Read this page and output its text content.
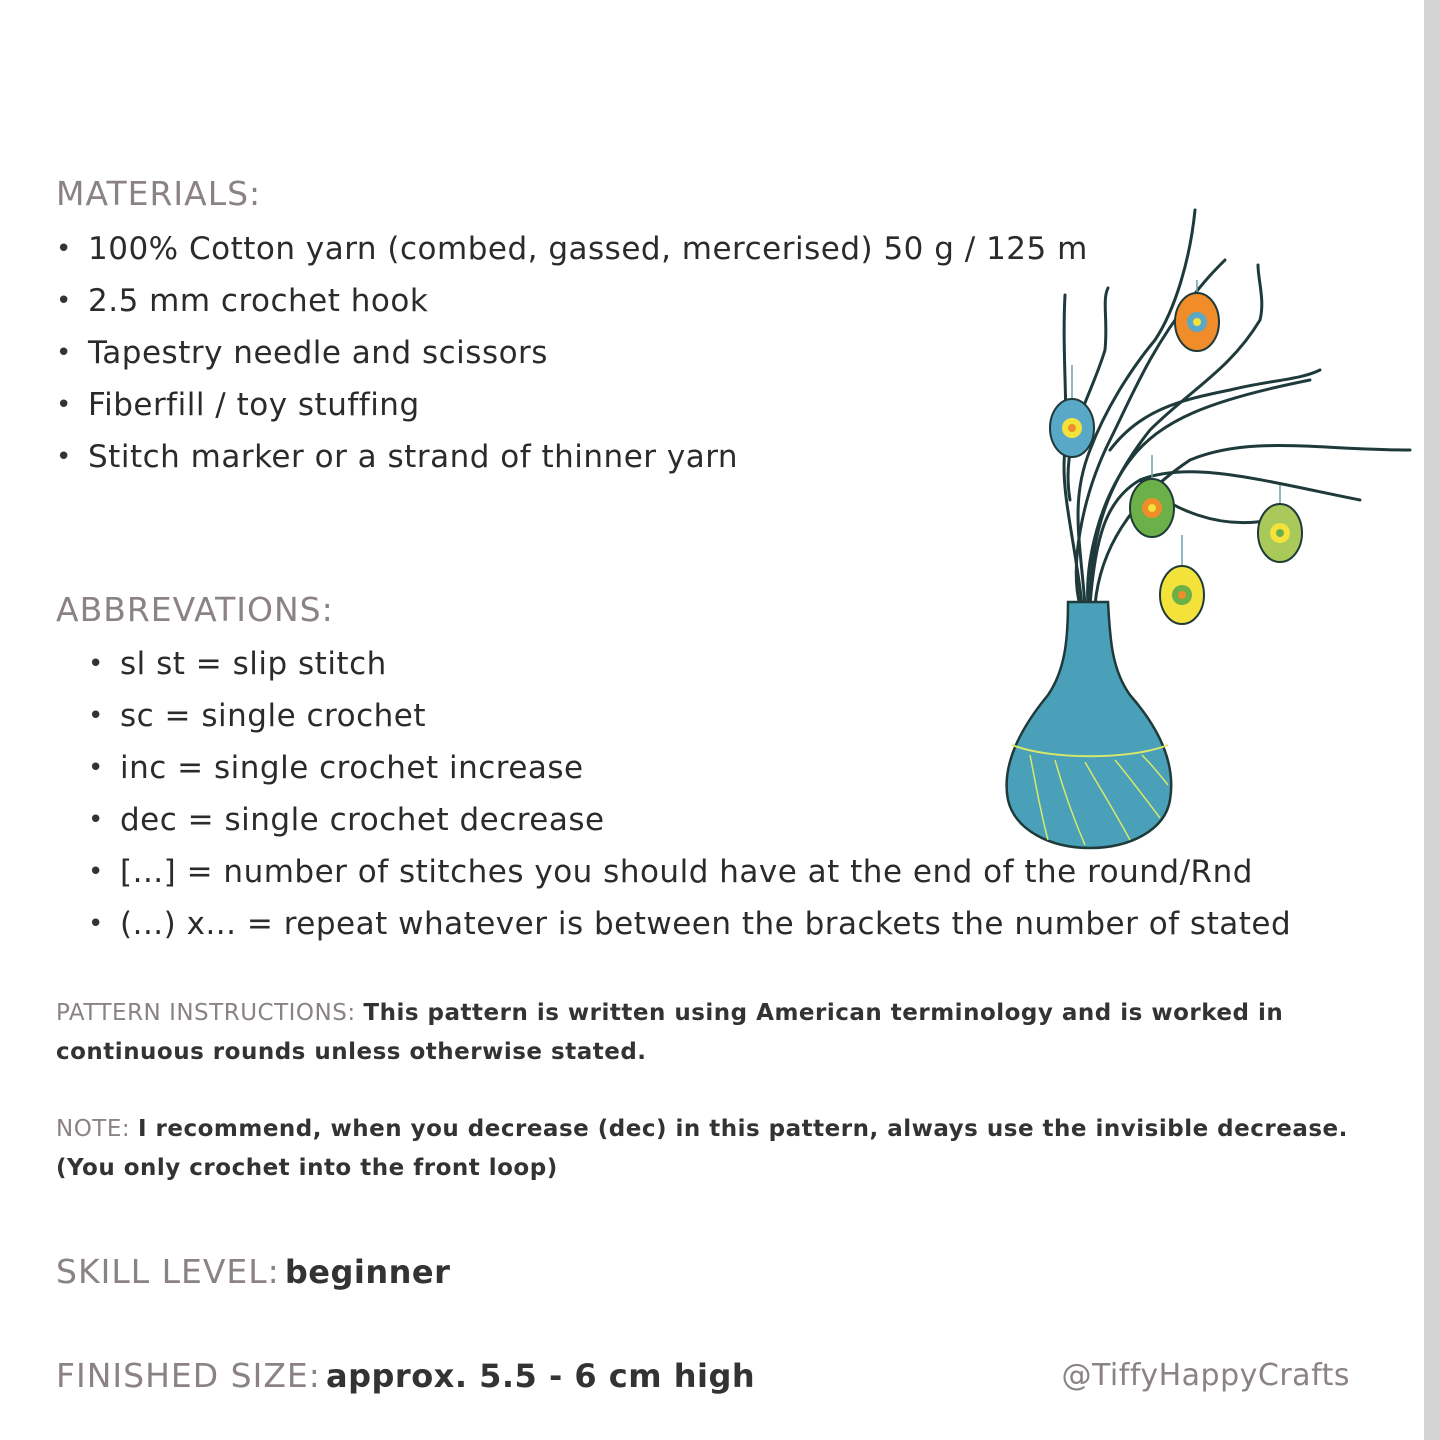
MATERIALS:
• 100% Cotton yarn (combed, gassed, mercerised) 50 g / 125 m
• 2.5 mm crochet hook
• Tapestry needle and scissors
• Fiberfill / toy stuffing
• Stitch marker or a strand of thinner yarn
ABBREVATIONS:
• sl st = slip stitch
• sc = single crochet
• inc = single crochet increase
• dec = single crochet decrease
• [...] = number of stitches you should have at the end of the round/Rnd
• (...) x... = repeat whatever is between the brackets the number of stated
PATTERN INSTRUCTIONS: This pattern is written using American terminology and is worked in continuous rounds unless otherwise stated.
NOTE: I recommend, when you decrease (dec) in this pattern, always use the invisible decrease. (You only crochet into the front loop)
SKILL LEVEL: beginner
FINISHED SIZE: approx. 5.5 - 6 cm high	@TiffyHappyCrafts
